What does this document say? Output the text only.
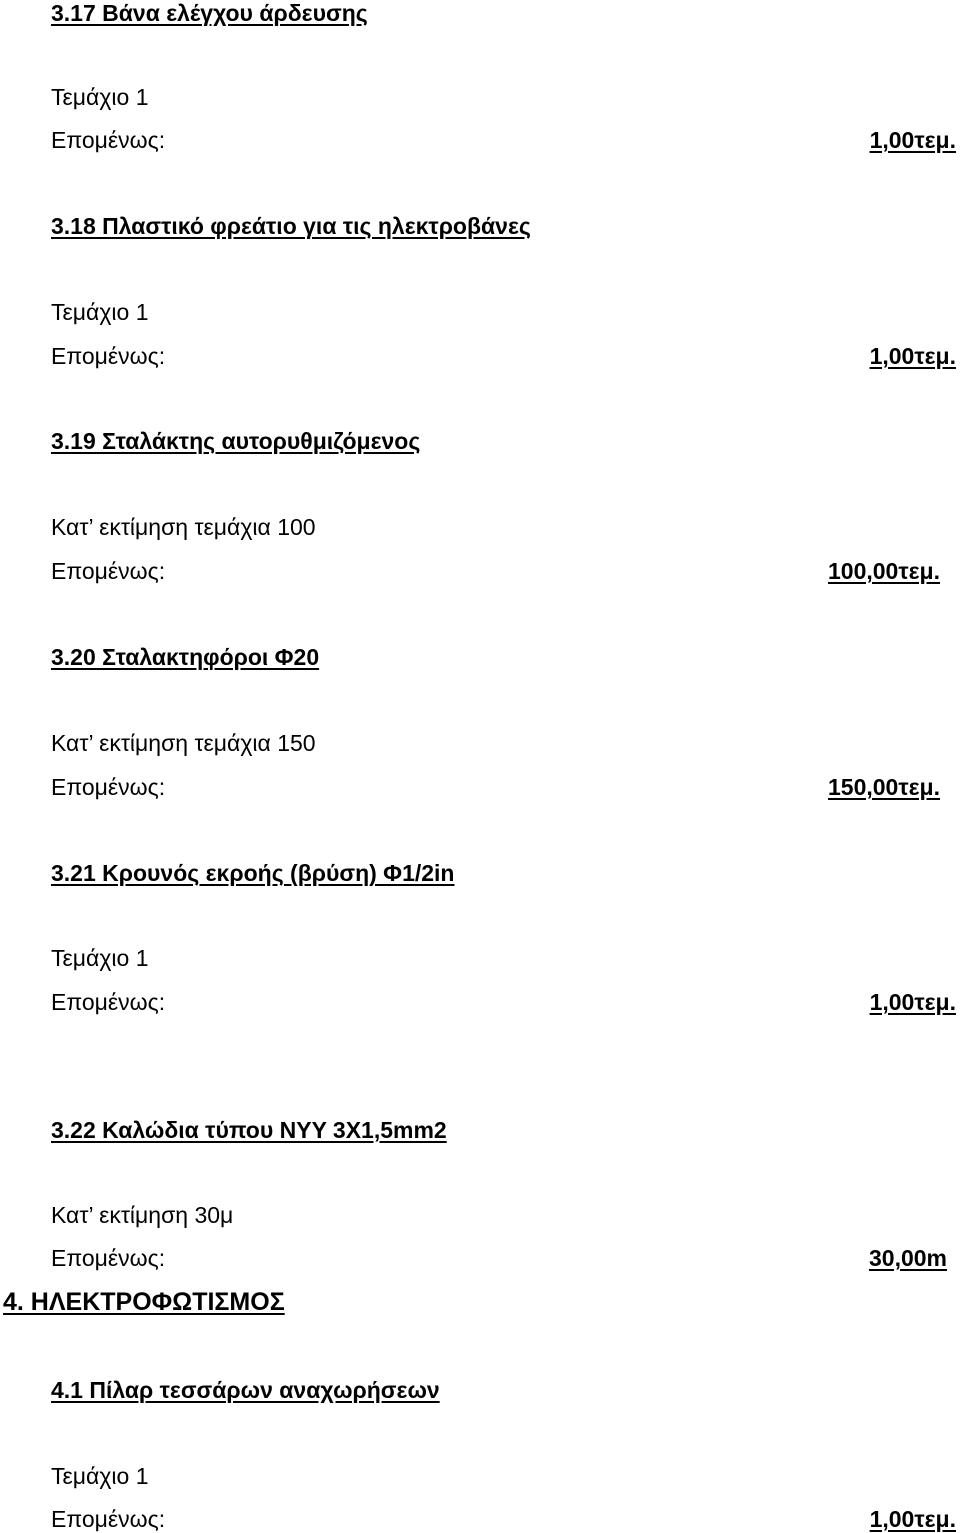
3.17 Βάνα ελέγχου άρδευσης
Τεμάχιο 1
Επομένως:	1,00τεμ.
3.18 Πλαστικό φρεάτιο για τις ηλεκτροβάνες
Τεμάχιο 1
Επομένως:	1,00τεμ.
3.19 Σταλάκτης αυτορυθμιζόμενος
Κατ’ εκτίμηση τεμάχια 100
Επομένως:	100,00τεμ.
3.20 Σταλακτηφόροι Φ20
Κατ’ εκτίμηση τεμάχια 150
Επομένως:	150,00τεμ.
3.21 Κρουνός εκροής (βρύση) Φ1/2in
Τεμάχιο 1
Επομένως:	1,00τεμ.
3.22 Καλώδια τύπου NYY 3X1,5mm2
Κατ’ εκτίμηση 30μ
Επομένως:	30,00m
4. ΗΛΕΚΤΡΟΦΩΤΙΣΜΟΣ
4.1 Πίλαρ τεσσάρων αναχωρήσεων
Τεμάχιο 1
Επομένως:	1,00τεμ.
